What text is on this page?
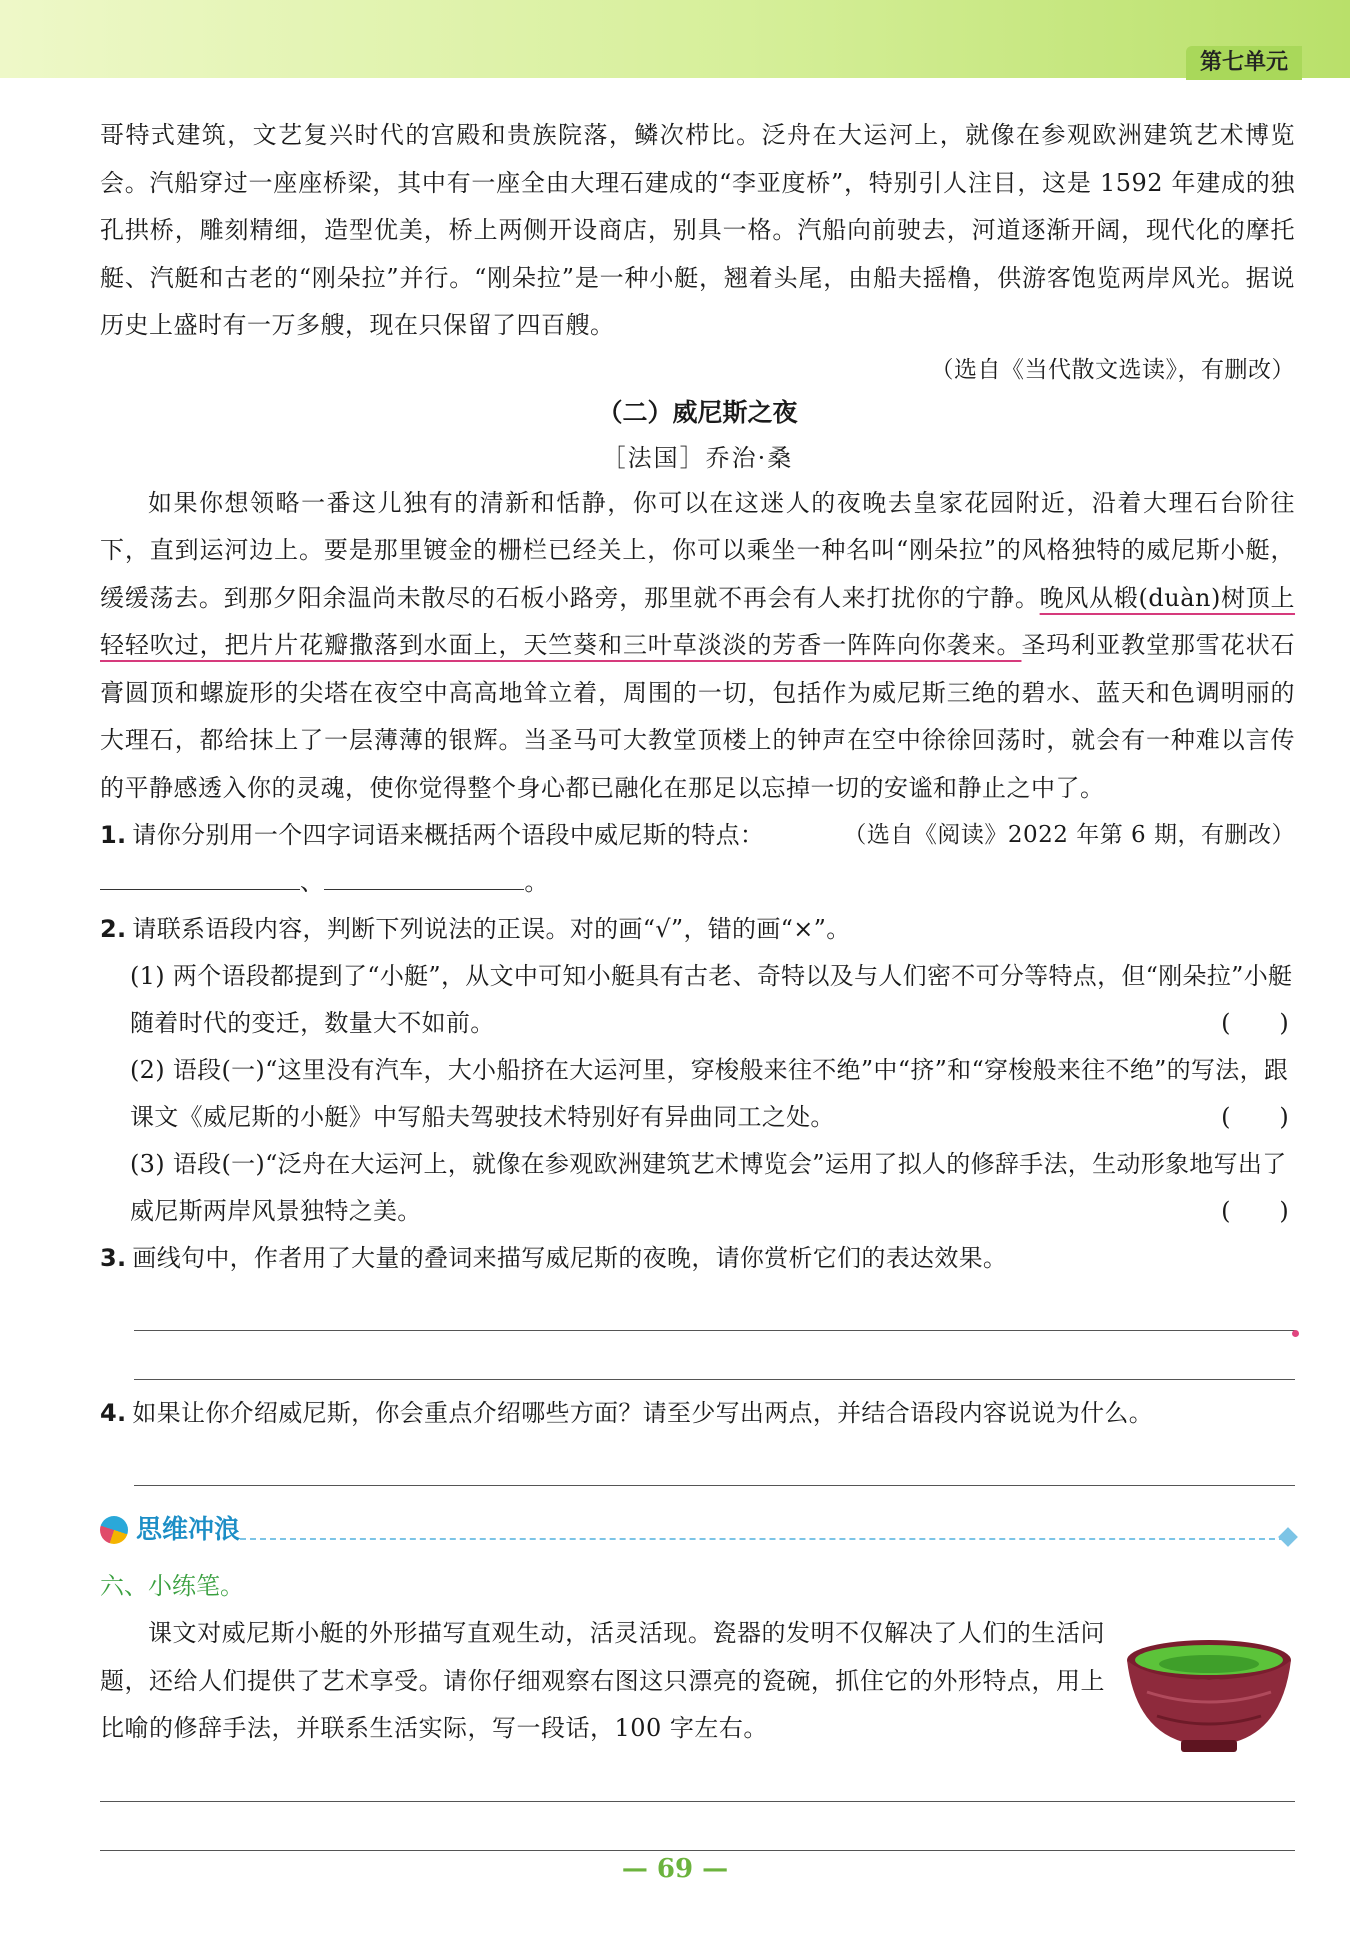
第七单元

哥特式建筑，文艺复兴时代的宫殿和贵族院落，鳞次栉比。泛舟在大运河上，就像在参观欧洲建筑艺术博览会。汽船穿过一座座桥梁，其中有一座全由大理石建成的“李亚度桥”，特别引人注目，这是 1592 年建成的独孔拱桥，雕刻精细，造型优美，桥上两侧开设商店，别具一格。汽船向前驶去，河道逐渐开阔，现代化的摩托艇、汽艇和古老的“刚朵拉”并行。“刚朵拉”是一种小艇，翘着头尾，由船夫摇橹，供游客饱览两岸风光。据说历史上盛时有一万多艘，现在只保留了四百艘。

（选自《当代散文选读》，有删改）

（二）威尼斯之夜

［法国］乔治·桑

如果你想领略一番这儿独有的清新和恬静，你可以在这迷人的夜晚去皇家花园附近，沿着大理石台阶往下，直到运河边上。要是那里镀金的栅栏已经关上，你可以乘坐一种名叫“刚朵拉”的风格独特的威尼斯小艇，缓缓荡去。到那夕阳余温尚未散尽的石板小路旁，那里就不再会有人来打扰你的宁静。晚风从椴(duàn)树顶上轻轻吹过，把片片花瓣撒落到水面上，天竺葵和三叶草淡淡的芳香一阵阵向你袭来。圣玛利亚教堂那雪花状石膏圆顶和螺旋形的尖塔在夜空中高高地耸立着，周围的一切，包括作为威尼斯三绝的碧水、蓝天和色调明丽的大理石，都给抹上了一层薄薄的银辉。当圣马可大教堂顶楼上的钟声在空中徐徐回荡时，就会有一种难以言传的平静感透入你的灵魂，使你觉得整个身心都已融化在那足以忘掉一切的安谧和静止之中了。
（选自《阅读》2022 年第 6 期，有删改）

1. 请你分别用一个四字词语来概括两个语段中威尼斯的特点：、	。

2. 请联系语段内容，判断下列说法的正误。对的画“√”，错的画“×”。

(1) 两个语段都提到了“小艇”，从文中可知小艇具有古老、奇特以及与人们密不可分等特点，但“刚朵拉”小艇随着时代的变迁，数量大不如前。	(　　)

(2) 语段(一)“这里没有汽车，大小船挤在大运河里，穿梭般来往不绝”中“挤”和“穿梭般来往不绝”的写法，跟课文《威尼斯的小艇》中写船夫驾驶技术特别好有异曲同工之处。	(　　)

(3) 语段(一)“泛舟在大运河上，就像在参观欧洲建筑艺术博览会”运用了拟人的修辞手法，生动形象地写出了威尼斯两岸风景独特之美。	(　　)

3. 画线句中，作者用了大量的叠词来描写威尼斯的夜晚，请你赏析它们的表达效果。

4. 如果让你介绍威尼斯，你会重点介绍哪些方面？请至少写出两点，并结合语段内容说说为什么。

思维冲浪

六、小练笔。

课文对威尼斯小艇的外形描写直观生动，活灵活现。瓷器的发明不仅解决了人们的生活问题，还给人们提供了艺术享受。请你仔细观察右图这只漂亮的瓷碗，抓住它的外形特点，用上比喻的修辞手法，并联系生活实际，写一段话，100 字左右。

— 69 —
